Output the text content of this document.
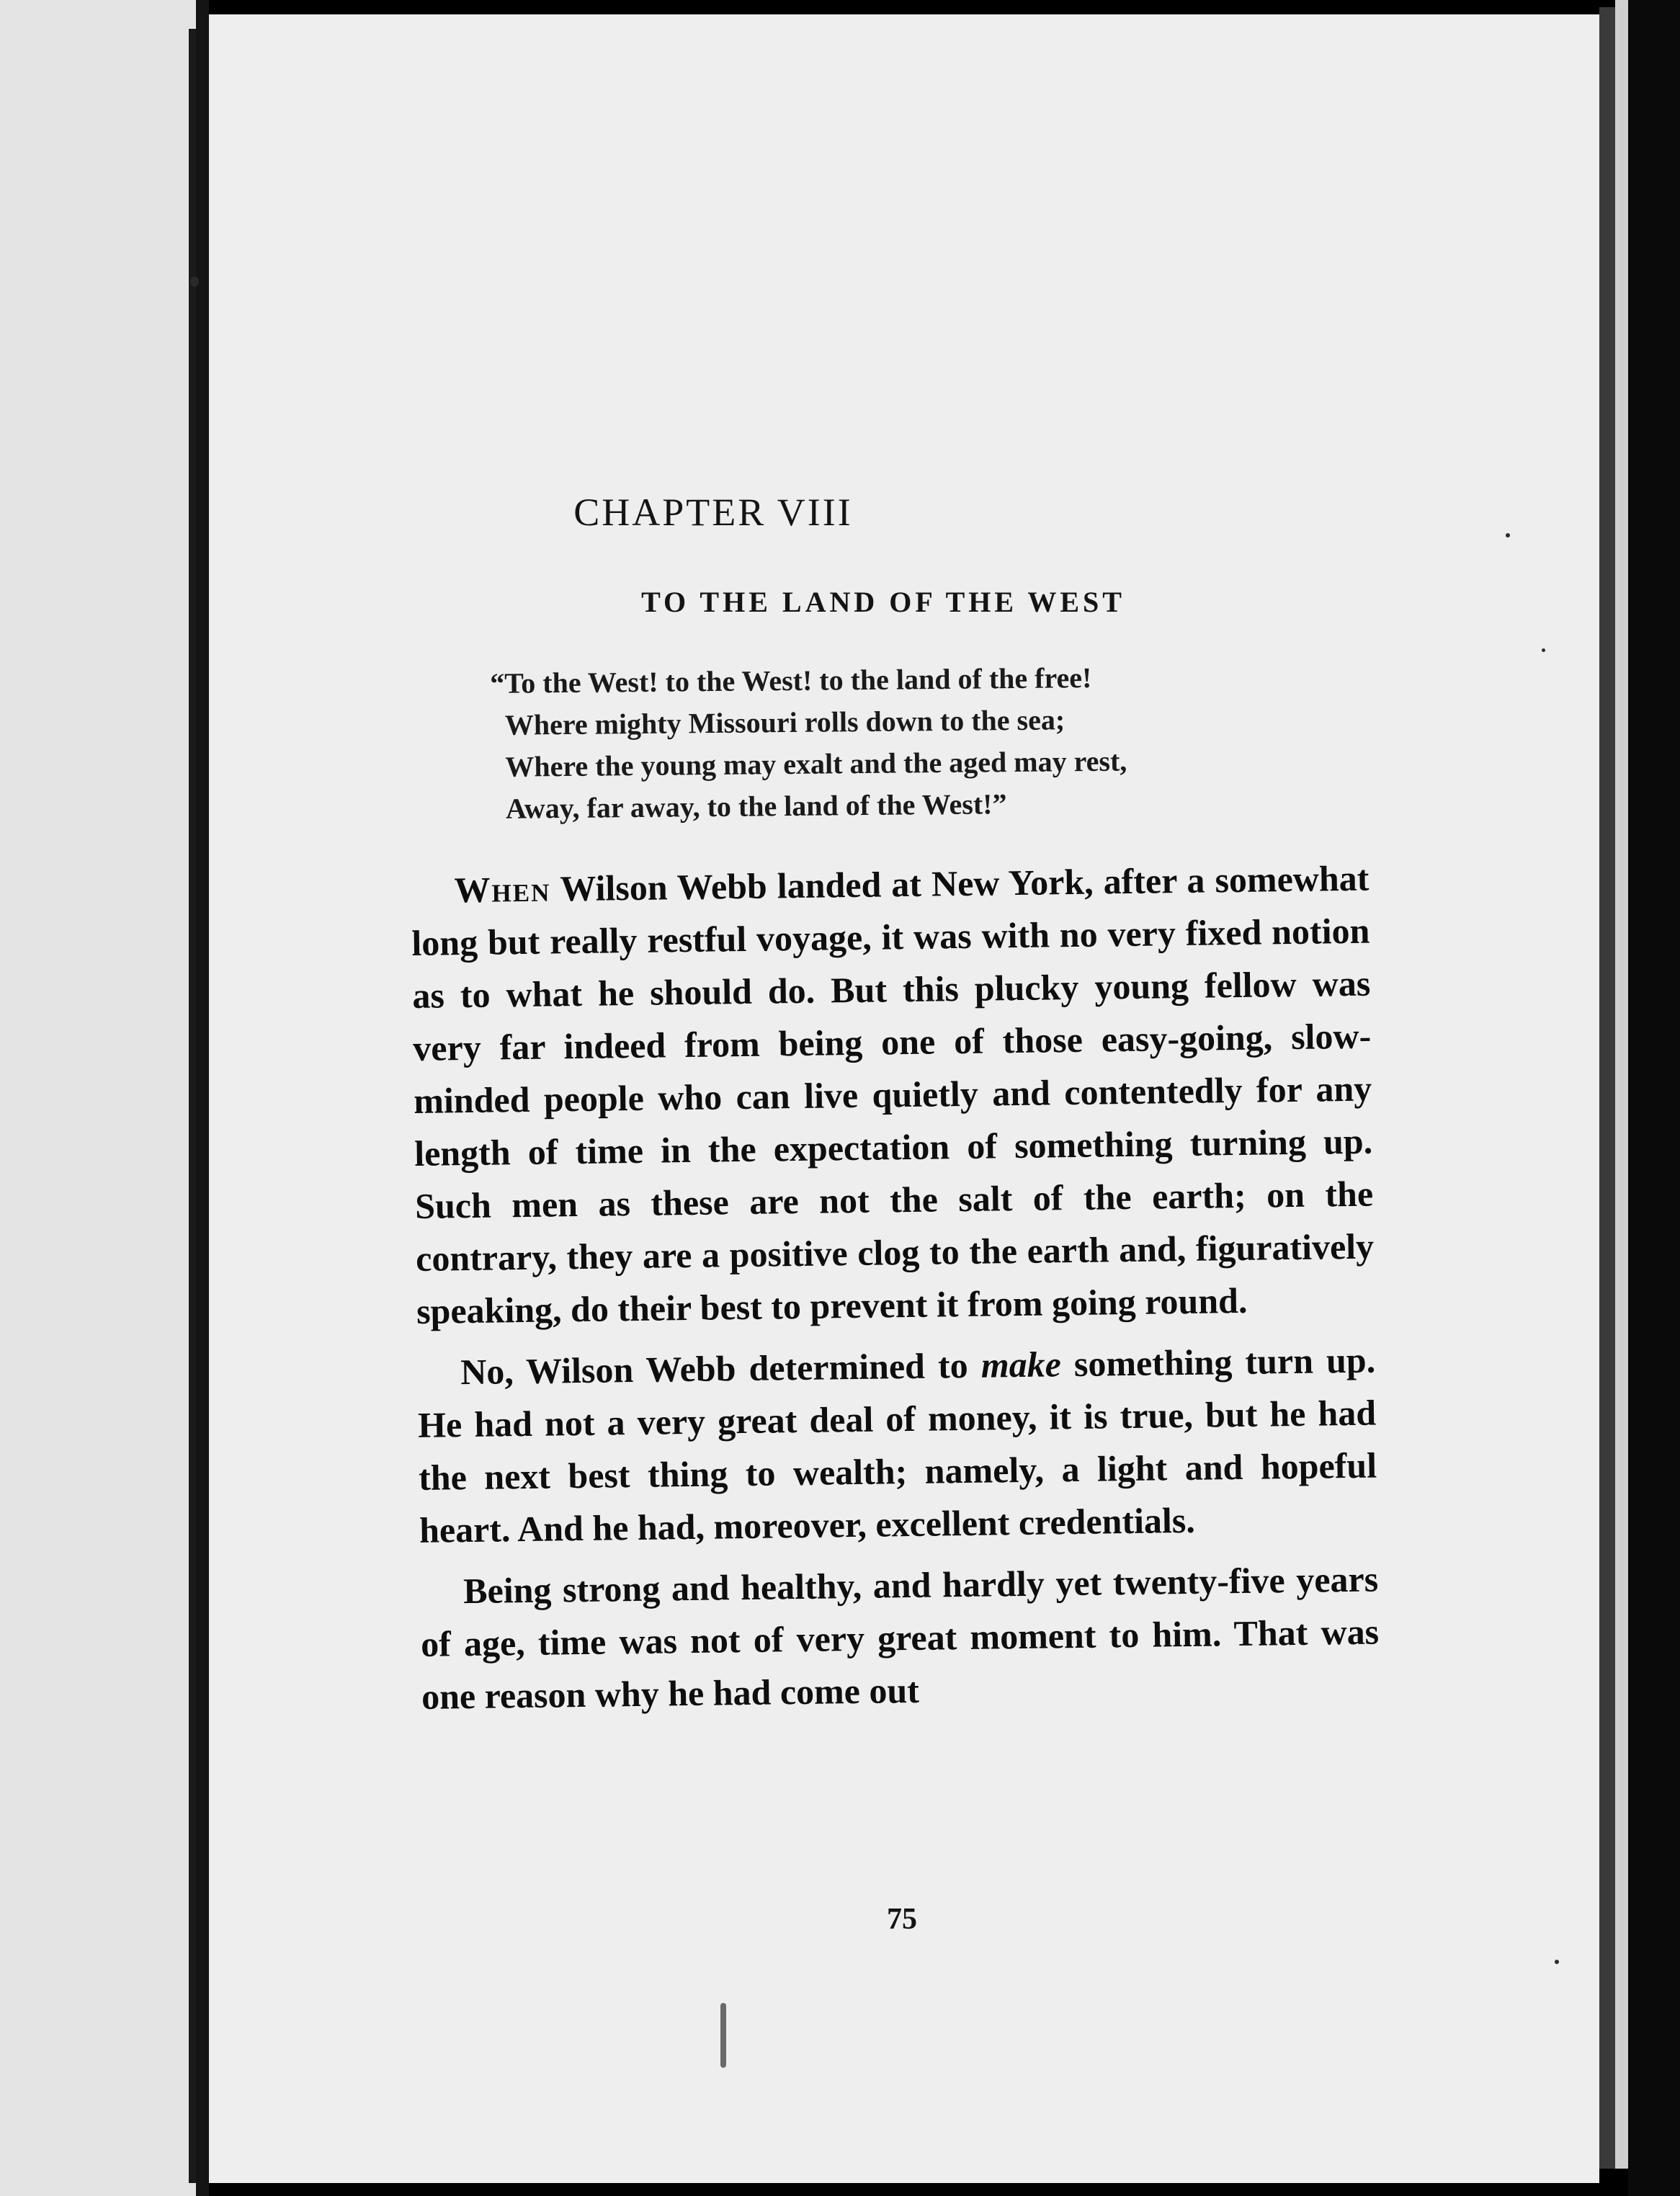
CHAPTER VIII
TO THE LAND OF THE WEST
“To the West! to the West! to the land of the free!
Where mighty Missouri rolls down to the sea;
Where the young may exalt and the aged may rest,
Away, far away, to the land of the West!”

When Wilson Webb landed at New York, after a somewhat long but really restful voyage, it was with no very fixed notion as to what he should do. But this plucky young fellow was very far indeed from being one of those easy-going, slow-minded people who can live quietly and contentedly for any length of time in the expectation of something turning up. Such men as these are not the salt of the earth; on the contrary, they are a positive clog to the earth and, figuratively speaking, do their best to prevent it from going round.

No, Wilson Webb determined to make something turn up. He had not a very great deal of money, it is true, but he had the next best thing to wealth; namely, a light and hopeful heart. And he had, moreover, excellent credentials.

Being strong and healthy, and hardly yet twenty-five years of age, time was not of very great moment to him. That was one reason why he had come out

75
